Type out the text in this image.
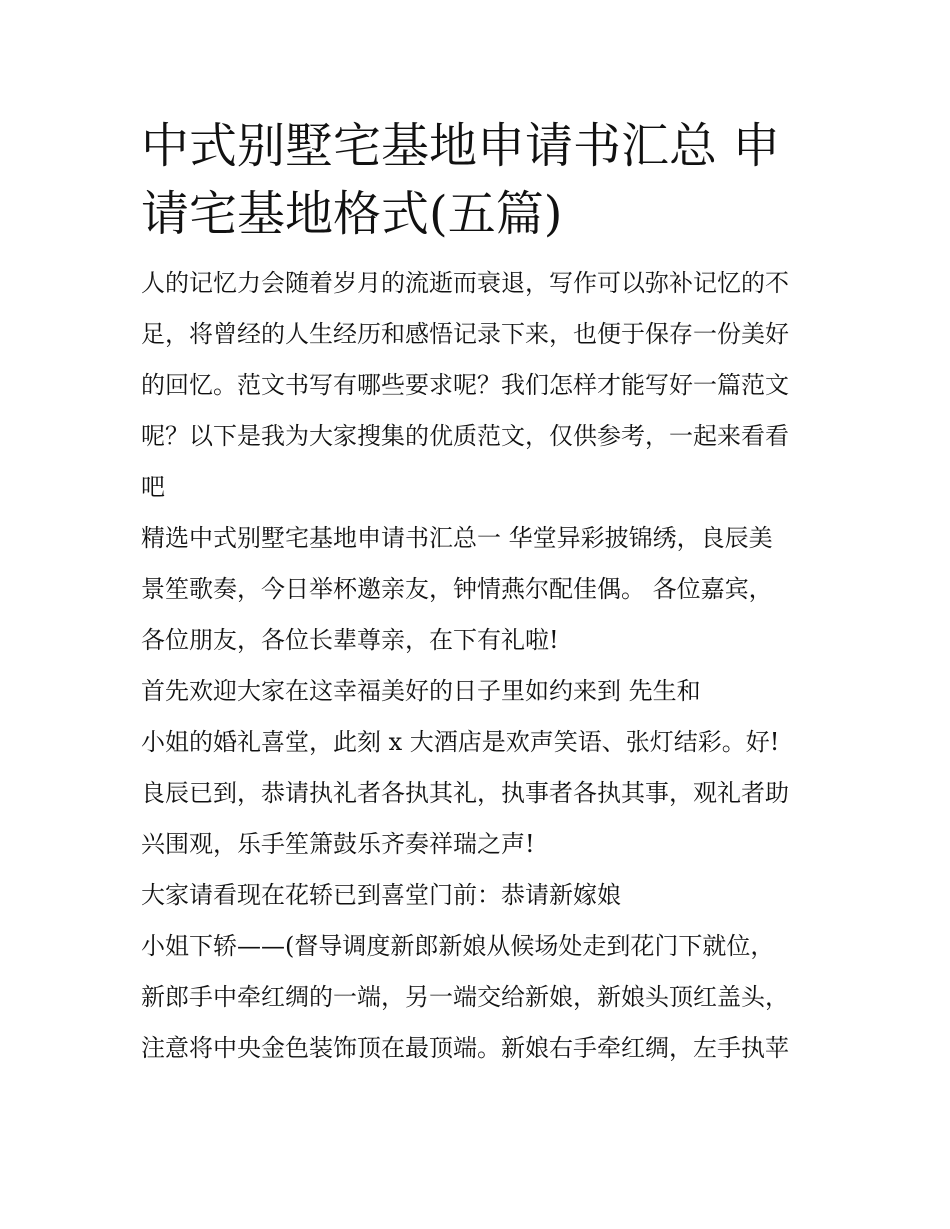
中式别墅宅基地申请书汇总 申
请宅基地格式(五篇)
人的记忆力会随着岁月的流逝而衰退，写作可以弥补记忆的不
足，将曾经的人生经历和感悟记录下来，也便于保存一份美好
的回忆。范文书写有哪些要求呢？我们怎样才能写好一篇范文
呢？以下是我为大家搜集的优质范文，仅供参考，一起来看看
吧
精选中式别墅宅基地申请书汇总一 华堂异彩披锦绣，良辰美
景笙歌奏，今日举杯邀亲友，钟情燕尔配佳偶。 各位嘉宾，
各位朋友，各位长辈尊亲，在下有礼啦!
首先欢迎大家在这幸福美好的日子里如约来到 先生和
小姐的婚礼喜堂，此刻 x 大酒店是欢声笑语、张灯结彩。好!
良辰已到，恭请执礼者各执其礼，执事者各执其事，观礼者助
兴围观，乐手笙箫鼓乐齐奏祥瑞之声!
大家请看现在花轿已到喜堂门前：恭请新嫁娘
小姐下轿——(督导调度新郎新娘从候场处走到花门下就位，
新郎手中牵红绸的一端，另一端交给新娘，新娘头顶红盖头，
注意将中央金色装饰顶在最顶端。新娘右手牵红绸，左手执苹
